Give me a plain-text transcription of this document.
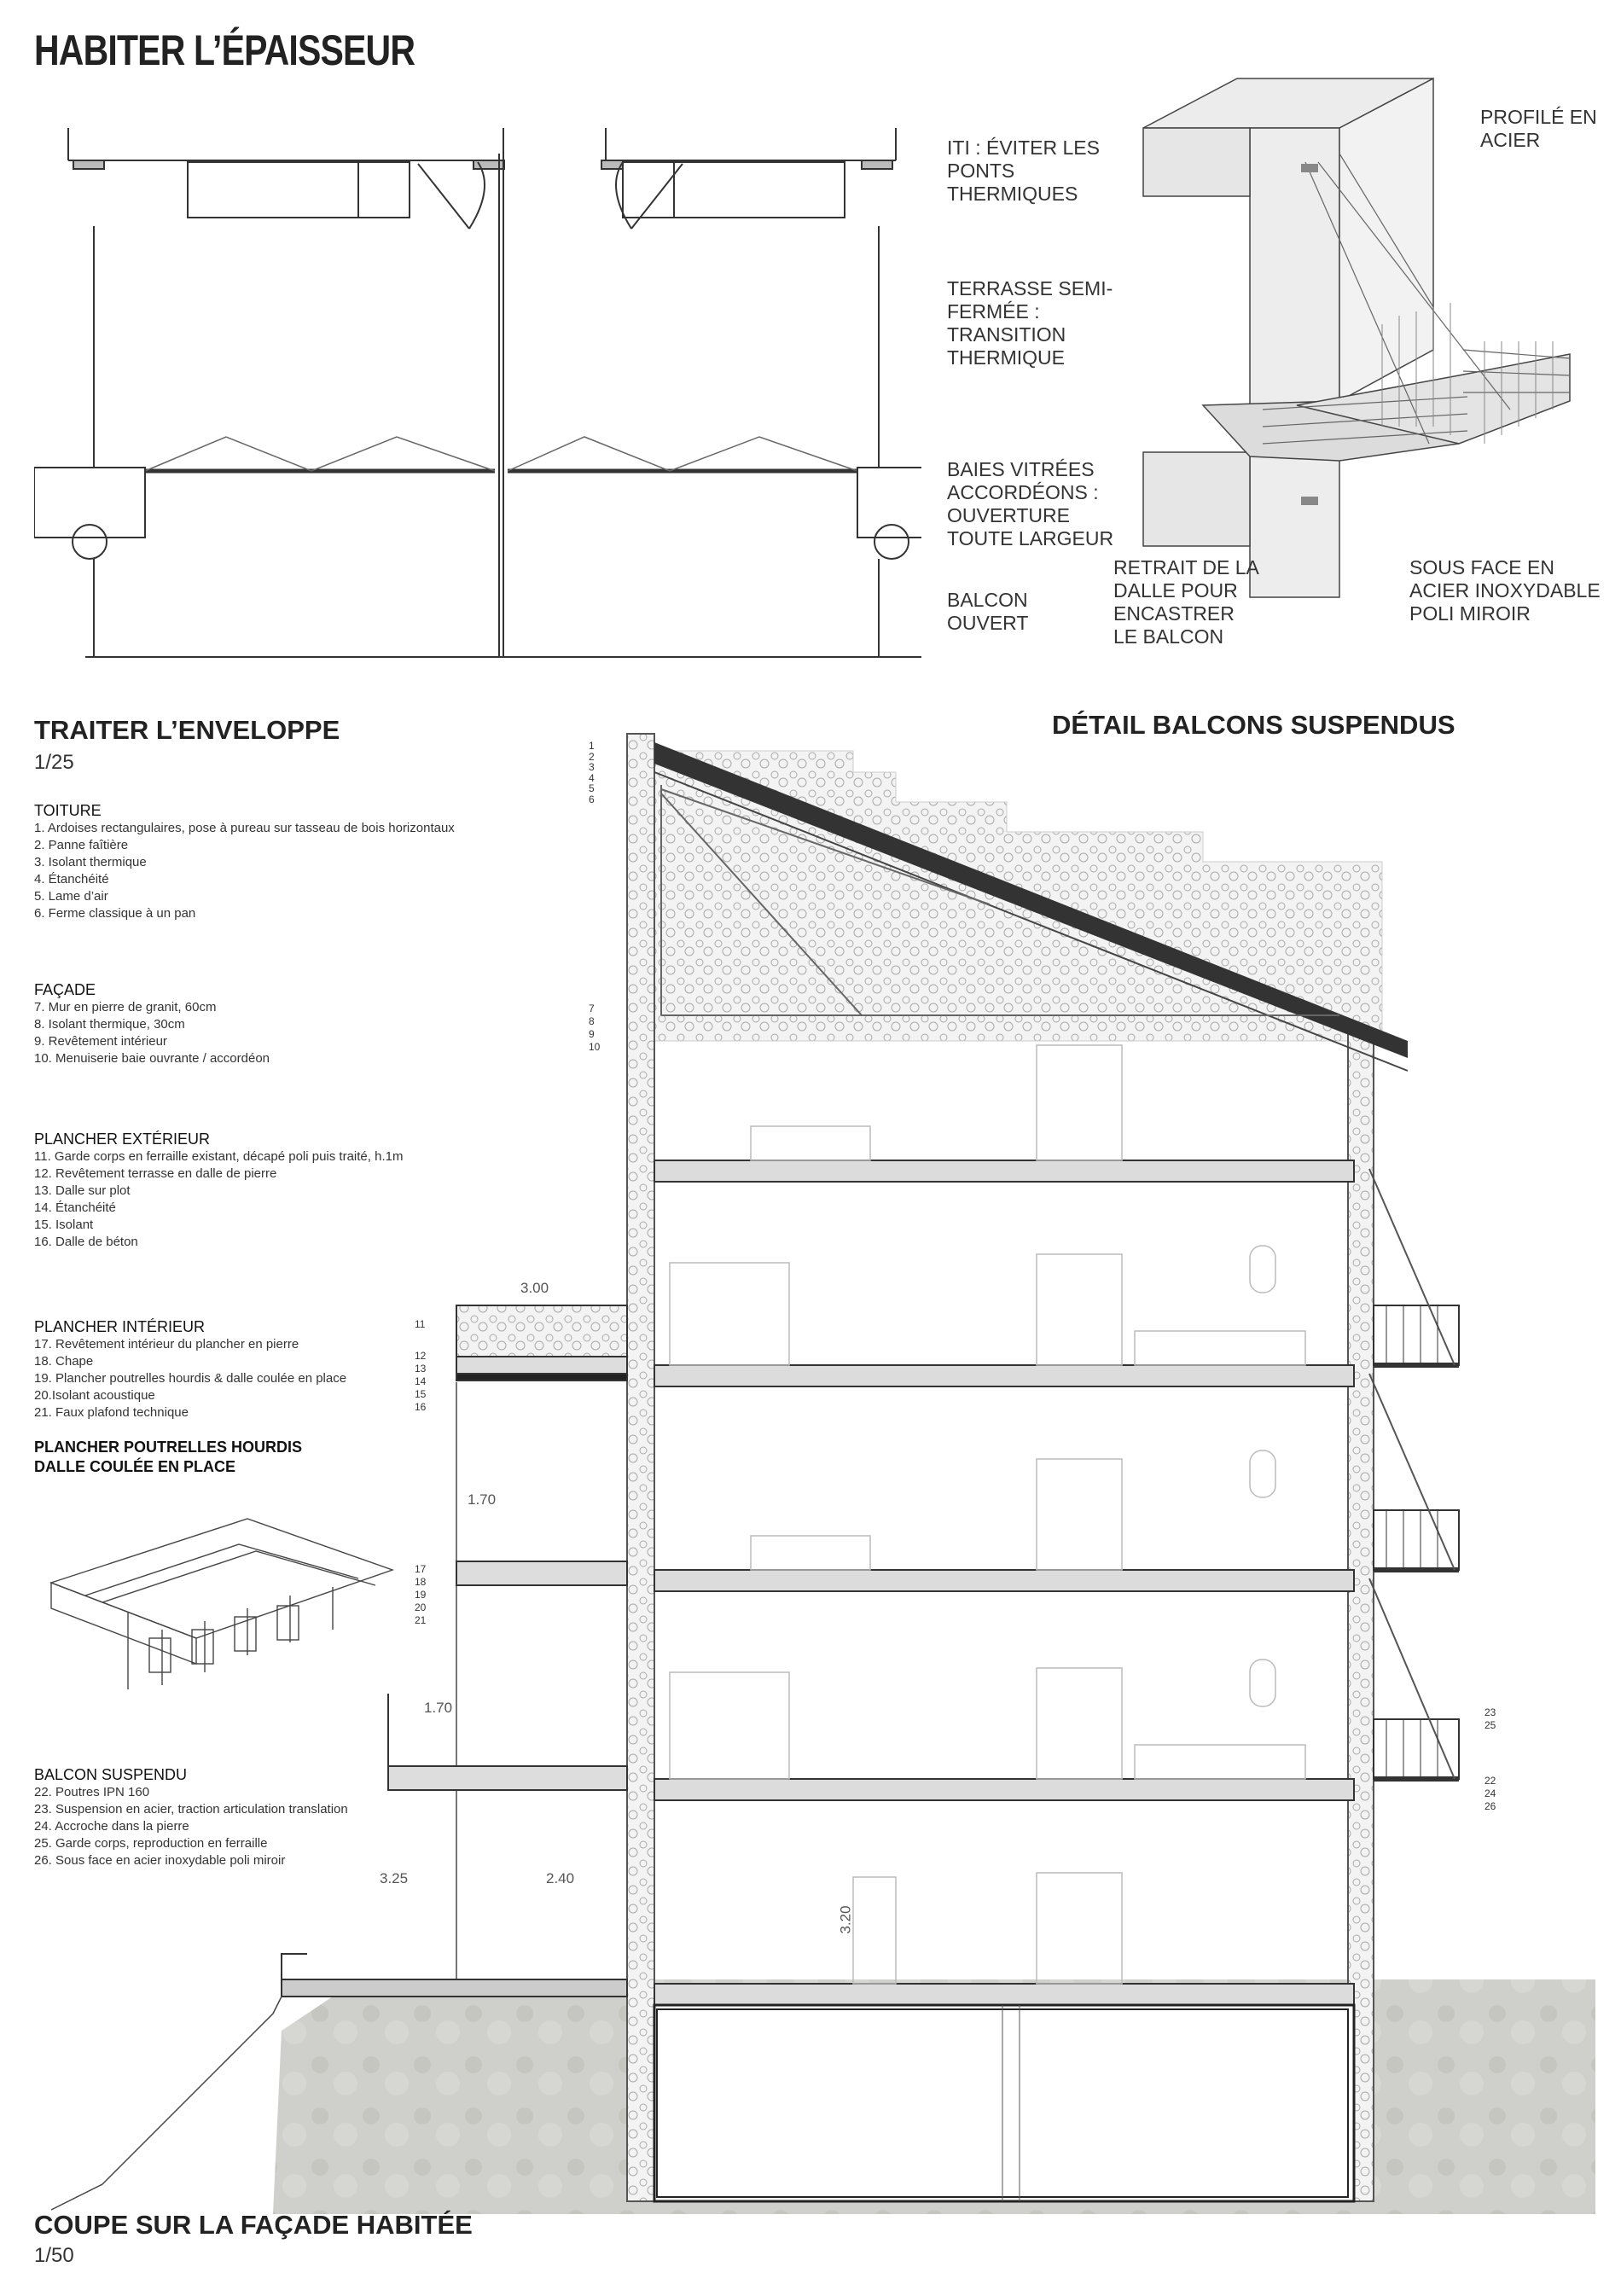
HABITER L’ÉPAISSEUR
ITI : ÉVITER LES PONTS THERMIQUES
TERRASSE SEMI-FERMÉE : TRANSITION THERMIQUE
BAIES VITRÉES ACCORDÉONS : OUVERTURE TOUTE LARGEUR
BALCON OUVERT
PROFILÉ EN ACIER
RETRAIT DE LA DALLE POUR ENCASTRER LE BALCON
SOUS FACE EN ACIER INOXYDABLE POLI MIROIR
TRAITER L’ENVELOPPE
1/25
DÉTAIL BALCONS SUSPENDUS
TOITURE
1. Ardoises rectangulaires, pose à pureau sur tasseau de bois horizontaux
2. Panne faîtière
3. Isolant thermique
4. Étanchéité
5. Lame d’air
6. Ferme classique à un pan
FAÇADE
7. Mur en pierre de granit, 60cm
8. Isolant thermique, 30cm
9. Revêtement intérieur
10. Menuiserie baie ouvrante / accordéon
PLANCHER EXTÉRIEUR
11. Garde corps en ferraille existant, décapé poli puis traité, h.1m
12. Revêtement terrasse en dalle de pierre
13. Dalle sur plot
14. Étanchéité
15. Isolant
16. Dalle de béton
PLANCHER INTÉRIEUR
17. Revêtement intérieur du plancher en pierre
18. Chape
19. Plancher poutrelles hourdis & dalle coulée en place
20.Isolant acoustique
21. Faux plafond technique
PLANCHER POUTRELLES HOURDIS
DALLE COULÉE EN PLACE
BALCON SUSPENDU
22. Poutres IPN 160
23. Suspension en acier, traction articulation translation
24. Accroche dans la pierre
25. Garde corps, reproduction en ferraille
26. Sous face en acier inoxydable poli miroir
3.00
1.70
1.70
3.25	2.40
3.20
1
2
3
4
5
6
7
8
9
10
11
12
13
14
15
16
17
18
19
20
21
23
25
22
24
26
COUPE SUR LA FAÇADE HABITÉE
1/50
